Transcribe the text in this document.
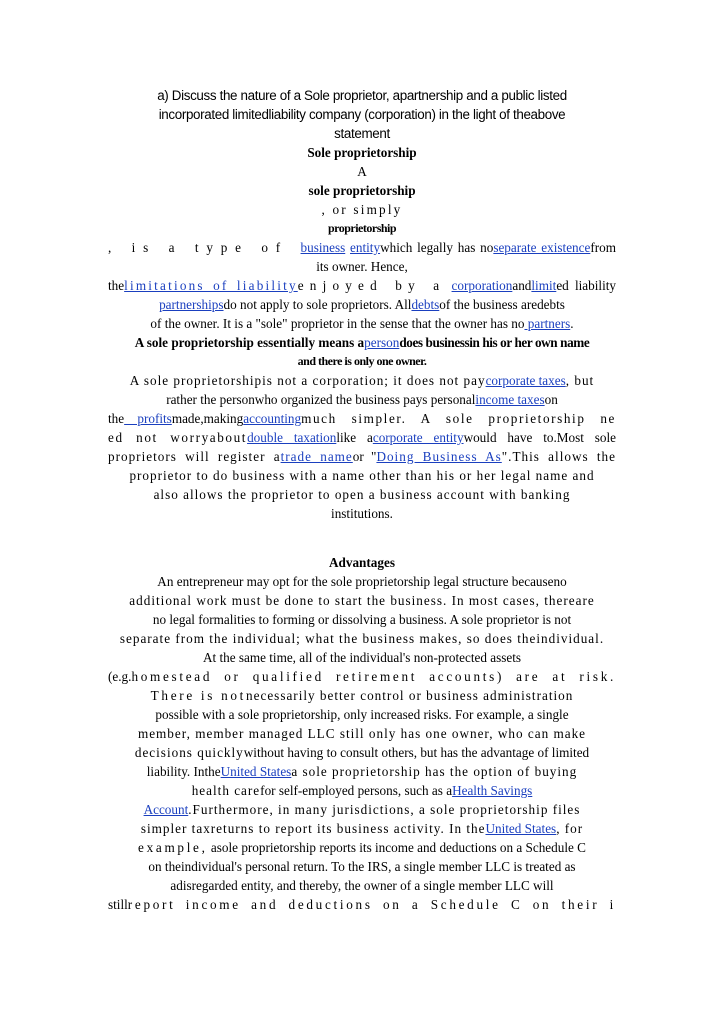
a) Discuss the nature of a Sole proprietor, apartnership and a public listed
incorporated limitedliability company (corporation) in the light of theabove
statement
Sole proprietorship
A
sole proprietorship
, or simply
proprietorship
, is a type of business entitywhich legally has noseparate existencefrom
its owner. Hence,
thelimitations of liabilityenjoyed by a corporationandlimited liability
partnershipsdo not apply to sole proprietors. Alldebtsof the business aredebts
of the owner. It is a "sole" proprietor in the sense that the owner has no partners.
A sole proprietorship essentially means apersondoes businessin his or her own name
and there is only one owner.
A sole proprietorshipis not a corporation; it does not paycorporate taxes, but
rather the personwho organized the business pays personalincome taxeson
the profitsmade,makingaccountingmuch simpler. A sole proprietorship ne
ed not worryaboutdouble taxationlike acorporate entitywould have to.Most sole
proprietors will register atrade nameor "Doing Business As".This allows the
proprietor to do business with a name other than his or her legal name and
also allows the proprietor to open a business account with banking
institutions.
Advantages
An entrepreneur may opt for the sole proprietorship legal structure becauseno
additional work must be done to start the business. In most cases, thereare
no legal formalities to forming or dissolving a business. A sole proprietor is not
separate from the individual; what the business makes, so does theindividual.
At the same time, all of the individual's non-protected assets
(e.g.homestead or qualified retirement accounts) are at risk.
There is notnecessarily better control or business administration
possible with a sole proprietorship, only increased risks. For example, a single
member, member managed LLC still only has one owner, who can make
decisions quicklywithout having to consult others, but has the advantage of limited
liability. IntheUnited Statesa sole proprietorship has the option of buying
health carefor self-employed persons, such as aHealth Savings
Account.Furthermore, in many jurisdictions, a sole proprietorship files
simpler taxreturns to report its business activity. In theUnited States, for
example, asole proprietorship reports its income and deductions on a Schedule C
on theindividual's personal return. To the IRS, a single member LLC is treated as
adisregarded entity, and thereby, the owner of a single member LLC will
stillreport income and deductions on a Schedule C on their i
